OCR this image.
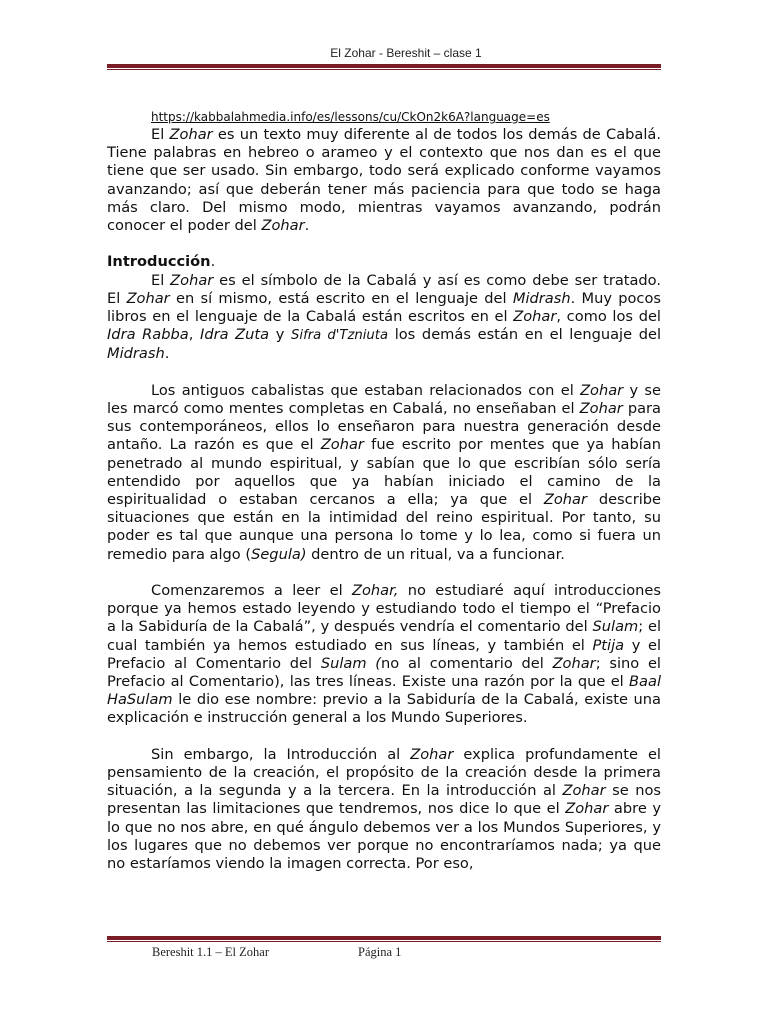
El Zohar - Bereshit – clase 1
https://kabbalahmedia.info/es/lessons/cu/CkOn2k6A?language=es

El Zohar es un texto muy diferente al de todos los demás de Cabalá. Tiene palabras en hebreo o arameo y el contexto que nos dan es el que tiene que ser usado. Sin embargo, todo será explicado conforme vayamos avanzando; así que deberán tener más paciencia para que todo se haga más claro. Del mismo modo, mientras vayamos avanzando, podrán conocer el poder del Zohar.

Introducción.

El Zohar es el símbolo de la Cabalá y así es como debe ser tratado. El Zohar en sí mismo, está escrito en el lenguaje del Midrash. Muy pocos libros en el lenguaje de la Cabalá están escritos en el Zohar, como los del Idra Rabba, Idra Zuta y Sifra d'Tzniuta los demás están en el lenguaje del Midrash.

Los antiguos cabalistas que estaban relacionados con el Zohar y se les marcó como mentes completas en Cabalá, no enseñaban el Zohar para sus contemporáneos, ellos lo enseñaron para nuestra generación desde antaño. La razón es que el Zohar fue escrito por mentes que ya habían penetrado al mundo espiritual, y sabían que lo que escribían sólo sería entendido por aquellos que ya habían iniciado el camino de la espiritualidad o estaban cercanos a ella; ya que el Zohar describe situaciones que están en la intimidad del reino espiritual. Por tanto, su poder es tal que aunque una persona lo tome y lo lea, como si fuera un remedio para algo (Segula) dentro de un ritual, va a funcionar.

Comenzaremos a leer el Zohar, no estudiaré aquí introducciones porque ya hemos estado leyendo y estudiando todo el tiempo el “Prefacio a la Sabiduría de la Cabalá”, y después vendría el comentario del Sulam; el cual también ya hemos estudiado en sus líneas, y también el Ptija y el Prefacio al Comentario del Sulam (no al comentario del Zohar; sino el Prefacio al Comentario), las tres líneas. Existe una razón por la que el Baal HaSulam le dio ese nombre: previo a la Sabiduría de la Cabalá, existe una explicación e instrucción general a los Mundo Superiores.

Sin embargo, la Introducción al Zohar explica profundamente el pensamiento de la creación, el propósito de la creación desde la primera situación, a la segunda y a la tercera. En la introducción al Zohar se nos presentan las limitaciones que tendremos, nos dice lo que el Zohar abre y lo que no nos abre, en qué ángulo debemos ver a los Mundos Superiores, y los lugares que no debemos ver porque no encontraríamos nada; ya que no estaríamos viendo la imagen correcta. Por eso,

Bereshit 1.1 – El Zohar	Página 1
